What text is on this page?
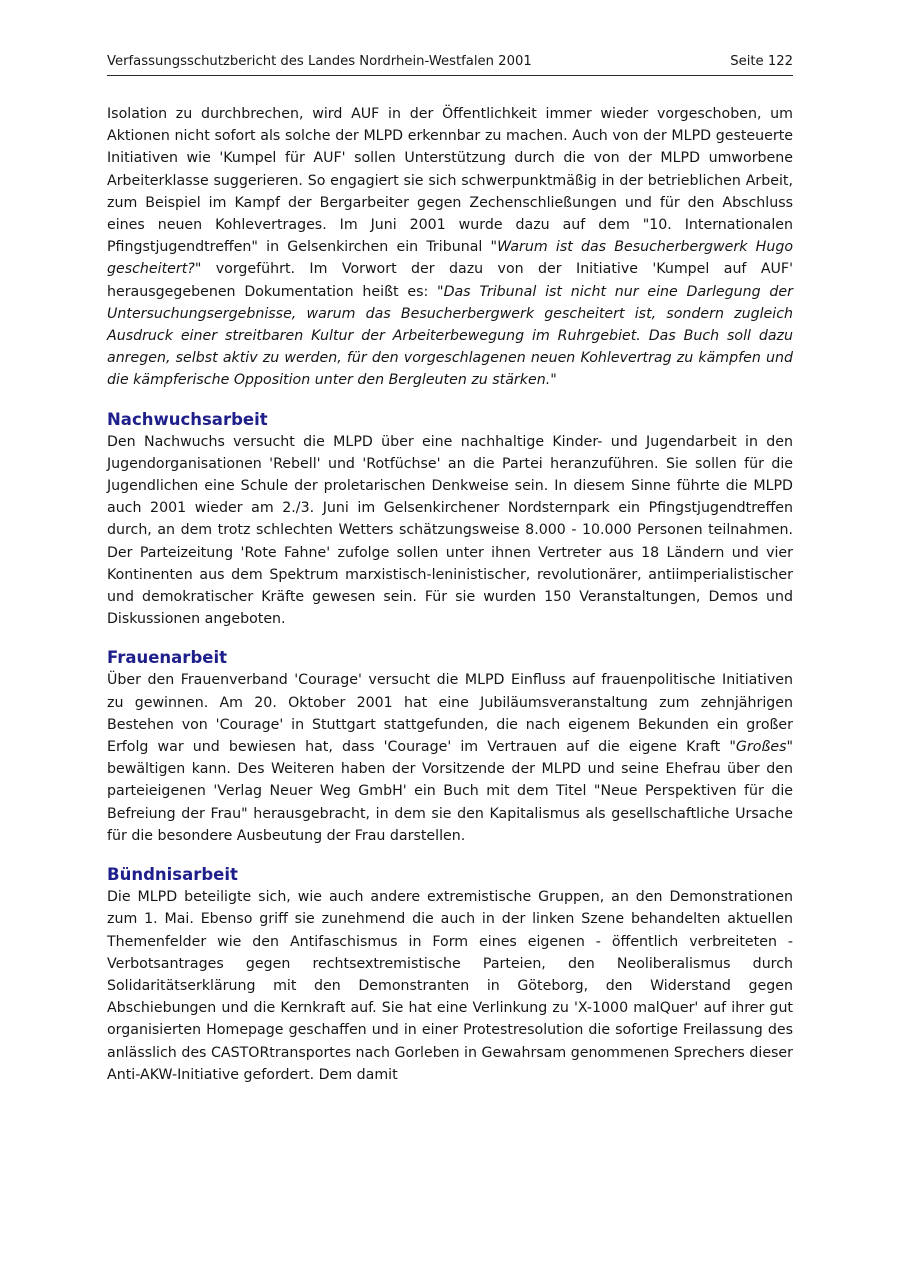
Verfassungsschutzbericht des Landes Nordrhein-Westfalen 2001	Seite 122

Isolation zu durchbrechen, wird AUF in der Öffentlichkeit immer wieder vorgeschoben, um Aktionen nicht sofort als solche der MLPD erkennbar zu machen. Auch von der MLPD gesteuerte Initiativen wie 'Kumpel für AUF' sollen Unterstützung durch die von der MLPD umworbene Arbeiterklasse suggerieren. So engagiert sie sich schwerpunktmäßig in der betrieblichen Arbeit, zum Beispiel im Kampf der Bergarbeiter gegen Zechenschließungen und für den Abschluss eines neuen Kohlevertrages. Im Juni 2001 wurde dazu auf dem "10. Internationalen Pfingstjugendtreffen" in Gelsenkirchen ein Tribunal "Warum ist das Besucherbergwerk Hugo gescheitert?" vorgeführt. Im Vorwort der dazu von der Initiative 'Kumpel auf AUF' herausgegebenen Dokumentation heißt es: "Das Tribunal ist nicht nur eine Darlegung der Untersuchungsergebnisse, warum das Besucherbergwerk gescheitert ist, sondern zugleich Ausdruck einer streitbaren Kultur der Arbeiterbewegung im Ruhrgebiet. Das Buch soll dazu anregen, selbst aktiv zu werden, für den vorgeschlagenen neuen Kohlevertrag zu kämpfen und die kämpferische Opposition unter den Bergleuten zu stärken."

Nachwuchsarbeit

Den Nachwuchs versucht die MLPD über eine nachhaltige Kinder- und Jugendarbeit in den Jugendorganisationen 'Rebell' und 'Rotfüchse' an die Partei heranzuführen. Sie sollen für die Jugendlichen eine Schule der proletarischen Denkweise sein. In diesem Sinne führte die MLPD auch 2001 wieder am 2./3. Juni im Gelsenkirchener Nordsternpark ein Pfingstjugendtreffen durch, an dem trotz schlechten Wetters schätzungsweise 8.000 - 10.000 Personen teilnahmen. Der Parteizeitung 'Rote Fahne' zufolge sollen unter ihnen Vertreter aus 18 Ländern und vier Kontinenten aus dem Spektrum marxistisch-leninistischer, revolutionärer, antiimperialistischer und demokratischer Kräfte gewesen sein. Für sie wurden 150 Veranstaltungen, Demos und Diskussionen angeboten.

Frauenarbeit

Über den Frauenverband 'Courage' versucht die MLPD Einfluss auf frauenpolitische Initiativen zu gewinnen. Am 20. Oktober 2001 hat eine Jubiläumsveranstaltung zum zehnjährigen Bestehen von 'Courage' in Stuttgart stattgefunden, die nach eigenem Bekunden ein großer Erfolg war und bewiesen hat, dass 'Courage' im Vertrauen auf die eigene Kraft "Großes" bewältigen kann. Des Weiteren haben der Vorsitzende der MLPD und seine Ehefrau über den parteieigenen 'Verlag Neuer Weg GmbH' ein Buch mit dem Titel "Neue Perspektiven für die Befreiung der Frau" herausgebracht, in dem sie den Kapitalismus als gesellschaftliche Ursache für die besondere Ausbeutung der Frau darstellen.

Bündnisarbeit

Die MLPD beteiligte sich, wie auch andere extremistische Gruppen, an den Demonstrationen zum 1. Mai. Ebenso griff sie zunehmend die auch in der linken Szene behandelten aktuellen Themenfelder wie den Antifaschismus in Form eines eigenen - öffentlich verbreiteten - Verbotsantrages gegen rechtsextremistische Parteien, den Neoliberalismus durch Solidaritätserklärung mit den Demonstranten in Göteborg, den Widerstand gegen Abschiebungen und die Kernkraft auf. Sie hat eine Verlinkung zu 'X-1000 malQuer' auf ihrer gut organisierten Homepage geschaffen und in einer Protestresolution die sofortige Freilassung des anlässlich des CASTORtransportes nach Gorleben in Gewahrsam genommenen Sprechers dieser Anti-AKW-Initiative gefordert. Dem damit
